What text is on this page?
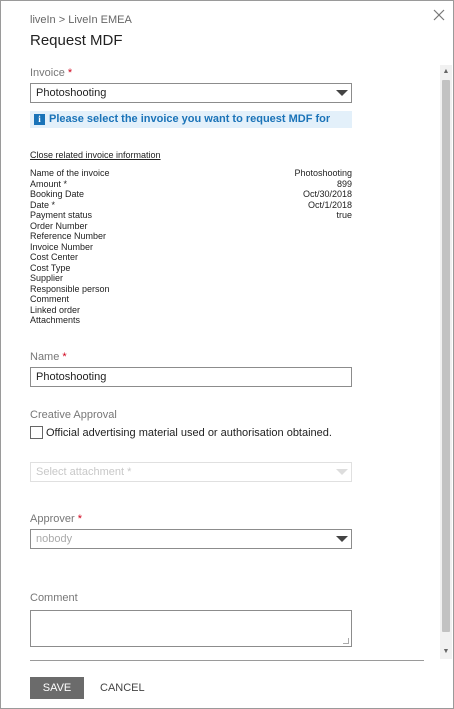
liveIn > LiveIn EMEA
Request MDF
▲
▼
Invoice *
Photoshooting
i Please select the invoice you want to request MDF for
Close related invoice information
Name of the invoice	Photoshooting
Amount *	899
Booking Date	Oct/30/2018
Date *	Oct/1/2018
Payment status	true
Order Number
Reference Number
Invoice Number
Cost Center
Cost Type
Supplier
Responsible person
Comment
Linked order
Attachments
Name *
Photoshooting
Creative Approval
Official advertising material used or authorisation obtained.
Select attachment *
Approver *
nobody
Comment
SAVE	CANCEL
